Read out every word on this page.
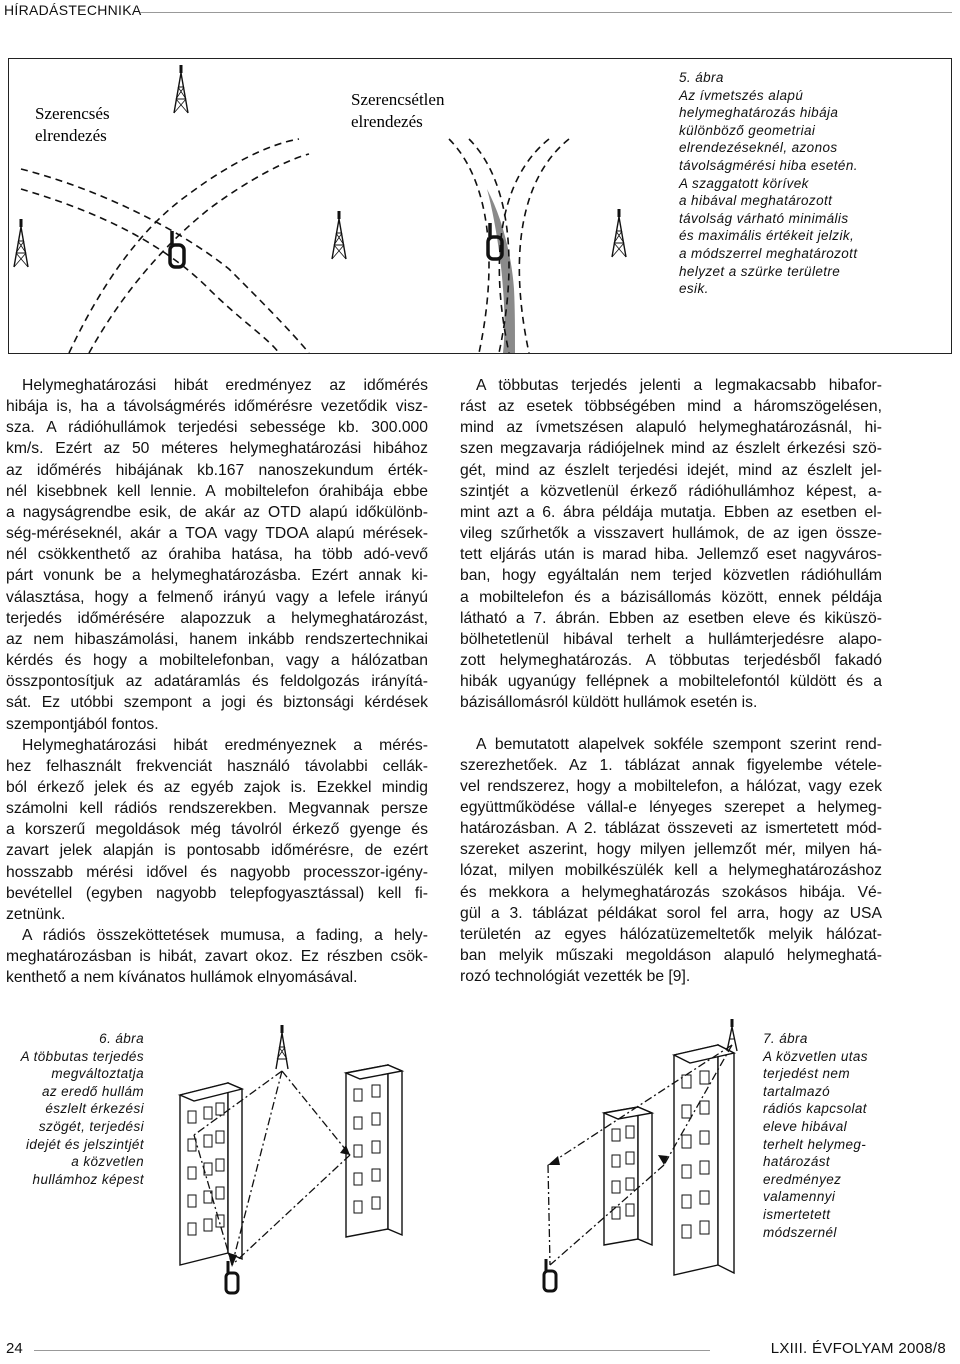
HÍRADÁSTECHNIKA
Szerencsés
elrendezés
Szerencsétlen
elrendezés
5. ábra
Az ívmetszés alapú
helymeghatározás hibája
különböző geometriai
elrendezéseknél, azonos
távolságmérési hiba esetén.
A szaggatott körívek
a hibával meghatározott
távolság várható minimális
és maximális értékeit jelzik,
a módszerrel meghatározott
helyzet a szürke területre
esik.
Helymeghatározási hibát eredményez az időmérés
hibája is, ha a távolságmérés időmérésre vezetődik visz-
sza. A rádióhullámok terjedési sebessége kb. 300.000
km/s. Ezért az 50 méteres helymeghatározási hibához
az időmérés hibájának kb.167 nanoszekundum érték-
nél kisebbnek kell lennie. A mobiltelefon órahibája ebbe
a nagyságrendbe esik, de akár az OTD alapú időkülönb-
ség-méréseknél, akár a TOA vagy TDOA alapú mérések-
nél csökkenthető az órahiba hatása, ha több adó-vevő
párt vonunk be a helymeghatározásba. Ezért annak ki-
választása, hogy a felmenő irányú vagy a lefele irányú
terjedés időmérésére alapozzuk a helymeghatározást,
az nem hibaszámolási, hanem inkább rendszertechnikai
kérdés és hogy a mobiltelefonban, vagy a hálózatban
összpontosítjuk az adatáramlás és feldolgozás irányítá-
sát. Ez utóbbi szempont a jogi és biztonsági kérdések
szempontjából fontos.
Helymeghatározási hibát eredményeznek a mérés-
hez felhasznált frekvenciát használó távolabbi cellák-
ból érkező jelek és az egyéb zajok is. Ezekkel mindig
számolni kell rádiós rendszerekben. Megvannak persze
a korszerű megoldások még távolról érkező gyenge és
zavart jelek alapján is pontosabb időmérésre, de ezért
hosszabb mérési idővel és nagyobb processzor-igény-
bevétellel (egyben nagyobb telepfogyasztással) kell fi-
zetnünk.
A rádiós összeköttetések mumusa, a fading, a hely-
meghatározásban is hibát, zavart okoz. Ez részben csök-
kenthető a nem kívánatos hullámok elnyomásával.
A többutas terjedés jelenti a legmakacsabb hibafor-
rást az esetek többségében mind a háromszögelésen,
mind az ívmetszésen alapuló helymeghatározásnál, hi-
szen megzavarja rádiójelnek mind az észlelt érkezési szö-
gét, mind az észlelt terjedési idejét, mind az észlelt jel-
szintjét a közvetlenül érkező rádióhullámhoz képest, a-
mint azt a 6. ábra példája mutatja. Ebben az esetben el-
vileg szűrhetők a visszavert hullámok, de az igen össze-
tett eljárás után is marad hiba. Jellemző eset nagyváros-
ban, hogy egyáltalán nem terjed közvetlen rádióhullám
a mobiltelefon és a bázisállomás között, ennek példája
látható a 7. ábrán. Ebben az esetben eleve és kiküszö-
bölhetetlenül hibával terhelt a hullámterjedésre alapo-
zott helymeghatározás. A többutas terjedésből fakadó
hibák ugyanúgy fellépnek a mobiltelefontól küldött és a
bázisállomásról küldött hullámok esetén is.
A bemutatott alapelvek sokféle szempont szerint rend-
szerezhetőek. Az 1. táblázat annak figyelembe vétele-
vel rendszerez, hogy a mobiltelefon, a hálózat, vagy ezek
együttműködése vállal-e lényeges szerepet a helymeg-
határozásban. A 2. táblázat összeveti az ismertetett mód-
szereket aszerint, hogy milyen jellemzőt mér, milyen há-
lózat, milyen mobilkészülék kell a helymeghatározáshoz
és mekkora a helymeghatározás szokásos hibája. Vé-
gül a 3. táblázat példákat sorol fel arra, hogy az USA
területén az egyes hálózatüzemeltetők melyik hálózat-
ban melyik műszaki megoldáson alapuló helymeghatá-
rozó technológiát vezették be [9].
6. ábra
A többutas terjedés
megváltoztatja
az eredő hullám
észlelt érkezési
szögét, terjedési
idejét és jelszintjét
a közvetlen
hullámhoz képest
7. ábra
A közvetlen utas
terjedést nem
tartalmazó
rádiós kapcsolat
eleve hibával
terhelt helymeg-
határozást
eredményez
valamennyi
ismertetett
módszernél
24	LXIII. ÉVFOLYAM 2008/8
